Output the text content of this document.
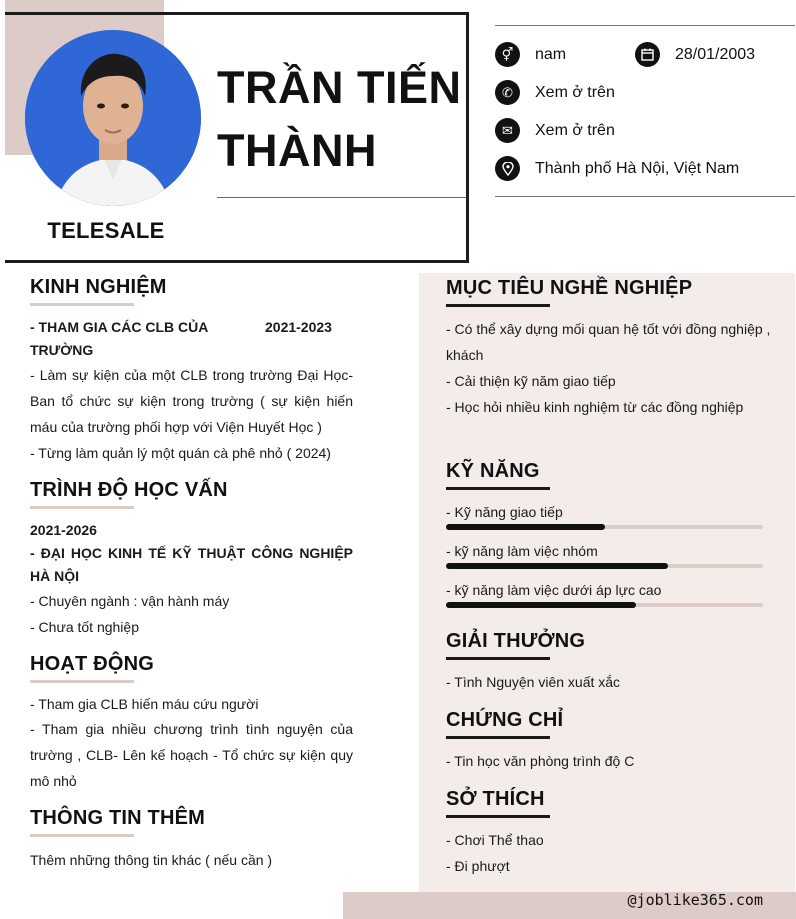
TELESALE
TRẦN TIẾN
THÀNH
⚥	nam	28/01/2003
✆	Xem ở trên
✉	Xem ở trên
Thành phố Hà Nội, Việt Nam
KINH NGHIỆM
- THAM GIA CÁC CLB CỦA TRƯỜNG
2021-2023
- Làm sự kiện của một CLB trong trường Đại Học- Ban tổ chức sự kiện trong trường ( sự kiện hiến máu của trường phối hợp với Viện Huyết Học )
- Từng làm quản lý một quán cà phê nhỏ ( 2024)
TRÌNH ĐỘ HỌC VẤN
2021-2026
- ĐẠI HỌC KINH TẾ KỸ THUẬT CÔNG NGHIỆP HÀ NỘI
- Chuyên ngành : vận hành máy
- Chưa tốt nghiệp
HOẠT ĐỘNG
- Tham gia CLB hiến máu cứu người
- Tham gia nhiều chương trình tình nguyện của trường , CLB- Lên kế hoạch - Tổ chức sự kiện quy mô nhỏ
THÔNG TIN THÊM
Thêm những thông tin khác ( nếu cần )
MỤC TIÊU NGHỀ NGHIỆP
- Có thể xây dựng mối quan hệ tốt với đồng nghiệp , khách
- Cải thiện kỹ năm giao tiếp
- Học hỏi nhiều kinh nghiệm từ các đồng nghiệp
KỸ NĂNG
- Kỹ năng giao tiếp
- kỹ năng làm việc nhóm
- kỹ năng làm việc dưới áp lực cao
GIẢI THƯỞNG
- Tình Nguyện viên xuất xắc
CHỨNG CHỈ
- Tin học văn phòng trình độ C
SỞ THÍCH
- Chơi Thể thao
- Đi phượt
@joblike365.com
